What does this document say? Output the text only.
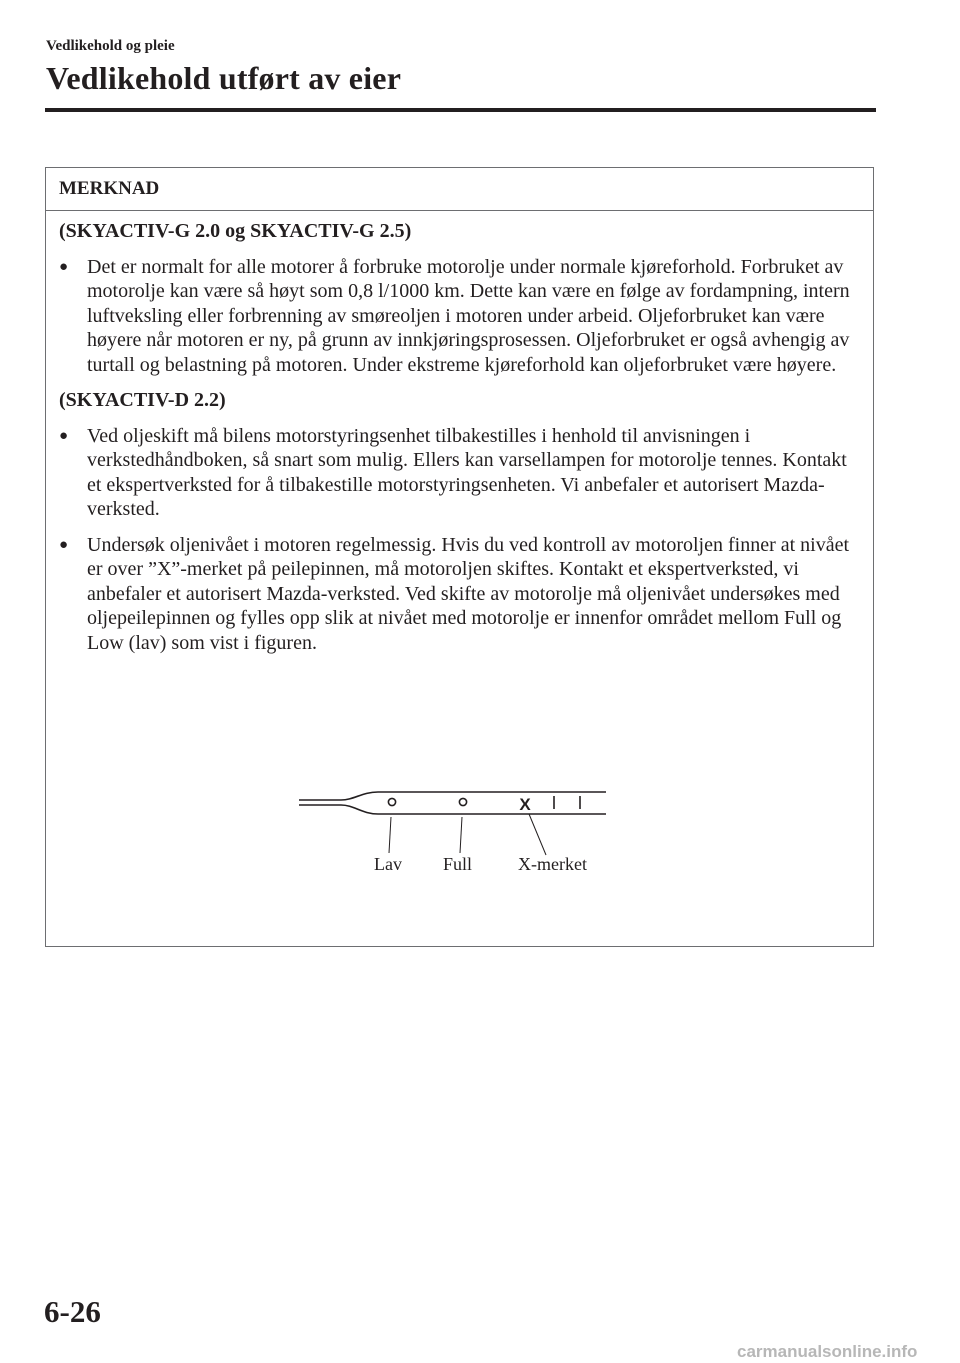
Vedlikehold og pleie
Vedlikehold utført av eier
MERKNAD
(SKYACTIV-G 2.0 og SKYACTIV-G 2.5)
● Det er normalt for alle motorer å forbruke motorolje under normale kjøreforhold. Forbruket av motorolje kan være så høyt som 0,8 l/1000 km. Dette kan være en følge av fordampning, intern luftveksling eller forbrenning av smøreoljen i motoren under arbeid. Oljeforbruket kan være høyere når motoren er ny, på grunn av innkjøringsprosessen. Oljeforbruket er også avhengig av turtall og belastning på motoren. Under ekstreme kjøreforhold kan oljeforbruket være høyere.
(SKYACTIV-D 2.2)
● Ved oljeskift må bilens motorstyringsenhet tilbakestilles i henhold til anvisningen i verkstedhåndboken, så snart som mulig. Ellers kan varsellampen for motorolje tennes. Kontakt et ekspertverksted for å tilbakestille motorstyringsenheten. Vi anbefaler et autorisert Mazda-verksted.
● Undersøk oljenivået i motoren regelmessig. Hvis du ved kontroll av motoroljen finner at nivået er over ”X”-merket på peilepinnen, må motoroljen skiftes. Kontakt et ekspertverksted, vi anbefaler et autorisert Mazda-verksted. Ved skifte av motorolje må oljenivået undersøkes med oljepeilepinnen og fylles opp slik at nivået med motorolje er innenfor området mellom Full og Low (lav) som vist i figuren.
X
Lav Full	X-merket
6-26
carmanualsonline.info
